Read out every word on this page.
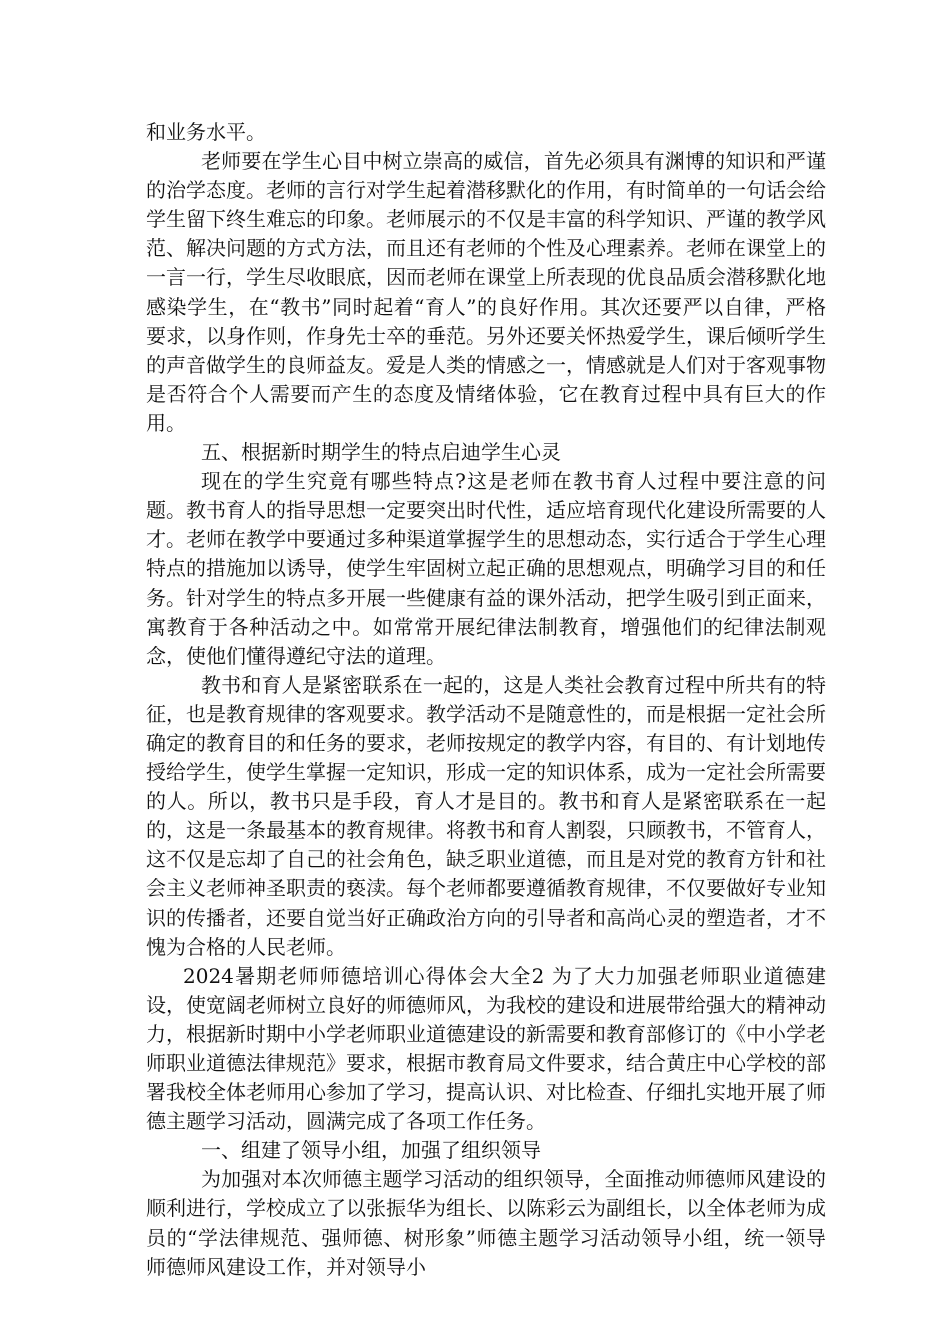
和业务水平。

老师要在学生心目中树立崇高的威信，首先必须具有渊博的知识和严谨的治学态度。老师的言行对学生起着潜移默化的作用，有时简单的一句话会给学生留下终生难忘的印象。老师展示的不仅是丰富的科学知识、严谨的教学风范、解决问题的方式方法，而且还有老师的个性及心理素养。老师在课堂上的一言一行，学生尽收眼底，因而老师在课堂上所表现的优良品质会潜移默化地感染学生，在“教书”同时起着“育人”的良好作用。其次还要严以自律，严格要求，以身作则，作身先士卒的垂范。另外还要关怀热爱学生，课后倾听学生的声音做学生的良师益友。爱是人类的情感之一，情感就是人们对于客观事物是否符合个人需要而产生的态度及情绪体验，它在教育过程中具有巨大的作用。

五、根据新时期学生的特点启迪学生心灵

现在的学生究竟有哪些特点?这是老师在教书育人过程中要注意的问题。教书育人的指导思想一定要突出时代性，适应培育现代化建设所需要的人才。老师在教学中要通过多种渠道掌握学生的思想动态，实行适合于学生心理特点的措施加以诱导，使学生牢固树立起正确的思想观点，明确学习目的和任务。针对学生的特点多开展一些健康有益的课外活动，把学生吸引到正面来，寓教育于各种活动之中。如常常开展纪律法制教育，增强他们的纪律法制观念，使他们懂得遵纪守法的道理。

教书和育人是紧密联系在一起的，这是人类社会教育过程中所共有的特征，也是教育规律的客观要求。教学活动不是随意性的，而是根据一定社会所确定的教育目的和任务的要求，老师按规定的教学内容，有目的、有计划地传授给学生，使学生掌握一定知识，形成一定的知识体系，成为一定社会所需要的人。所以，教书只是手段，育人才是目的。教书和育人是紧密联系在一起的，这是一条最基本的教育规律。将教书和育人割裂，只顾教书，不管育人，这不仅是忘却了自己的社会角色，缺乏职业道德，而且是对党的教育方针和社会主义老师神圣职责的亵渎。每个老师都要遵循教育规律，不仅要做好专业知识的传播者，还要自觉当好正确政治方向的引导者和高尚心灵的塑造者，才不愧为合格的人民老师。

2024暑期老师师德培训心得体会大全2 为了大力加强老师职业道德建设，使宽阔老师树立良好的师德师风，为我校的建设和进展带给强大的精神动力，根据新时期中小学老师职业道德建设的新需要和教育部修订的《中小学老师职业道德法律规范》要求，根据市教育局文件要求，结合黄庄中心学校的部署我校全体老师用心参加了学习，提高认识、对比检查、仔细扎实地开展了师德主题学习活动，圆满完成了各项工作任务。

一、组建了领导小组，加强了组织领导

为加强对本次师德主题学习活动的组织领导，全面推动师德师风建设的顺利进行，学校成立了以张振华为组长、以陈彩云为副组长，以全体老师为成员的“学法律规范、强师德、树形象”师德主题学习活动领导小组，统一领导师德师风建设工作，并对领导小
